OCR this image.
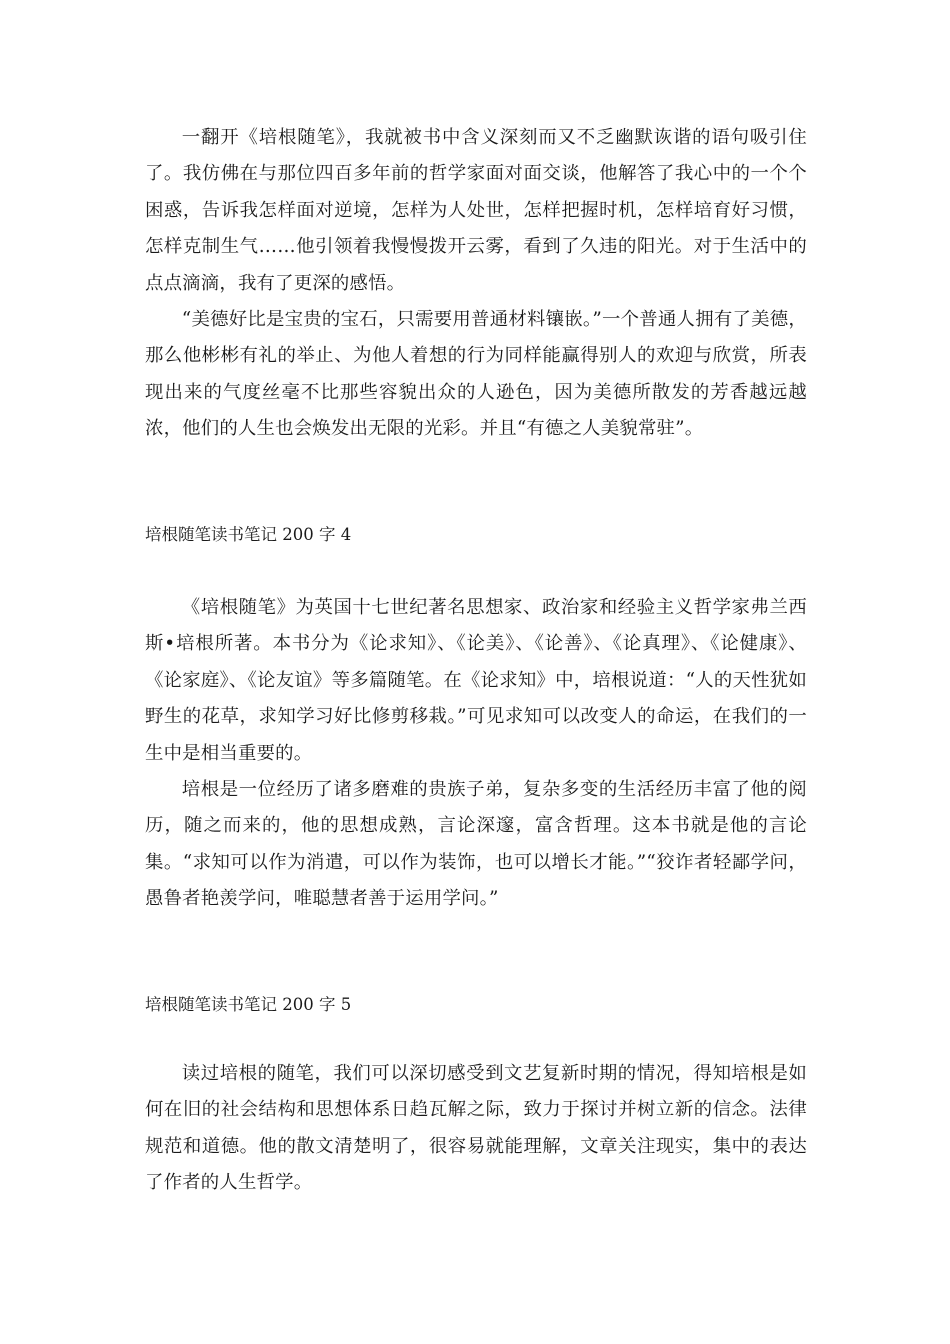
一翻开《培根随笔》，我就被书中含义深刻而又不乏幽默诙谐的语句吸引住了。我仿佛在与那位四百多年前的哲学家面对面交谈，他解答了我心中的一个个困惑，告诉我怎样面对逆境，怎样为人处世，怎样把握时机，怎样培育好习惯，怎样克制生气……他引领着我慢慢拨开云雾，看到了久违的阳光。对于生活中的点点滴滴，我有了更深的感悟。

“美德好比是宝贵的宝石，只需要用普通材料镶嵌。”一个普通人拥有了美德，那么他彬彬有礼的举止、为他人着想的行为同样能赢得别人的欢迎与欣赏，所表现出来的气度丝毫不比那些容貌出众的人逊色，因为美德所散发的芳香越远越浓，他们的人生也会焕发出无限的光彩。并且“有德之人美貌常驻”。

培根随笔读书笔记 200 字 4

《培根随笔》为英国十七世纪著名思想家、政治家和经验主义哲学家弗兰西斯•培根所著。本书分为《论求知》、《论美》、《论善》、《论真理》、《论健康》、《论家庭》、《论友谊》等多篇随笔。在《论求知》中，培根说道：“人的天性犹如野生的花草，求知学习好比修剪移栽。”可见求知可以改变人的命运，在我们的一生中是相当重要的。

培根是一位经历了诸多磨难的贵族子弟，复杂多变的生活经历丰富了他的阅历，随之而来的，他的思想成熟，言论深邃，富含哲理。这本书就是他的言论集。“求知可以作为消遣，可以作为装饰，也可以增长才能。”“狡诈者轻鄙学问，愚鲁者艳羡学问，唯聪慧者善于运用学问。”

培根随笔读书笔记 200 字 5

读过培根的随笔，我们可以深切感受到文艺复新时期的情况，得知培根是如何在旧的社会结构和思想体系日趋瓦解之际，致力于探讨并树立新的信念。法律规范和道德。他的散文清楚明了，很容易就能理解，文章关注现实，集中的表达了作者的人生哲学。
